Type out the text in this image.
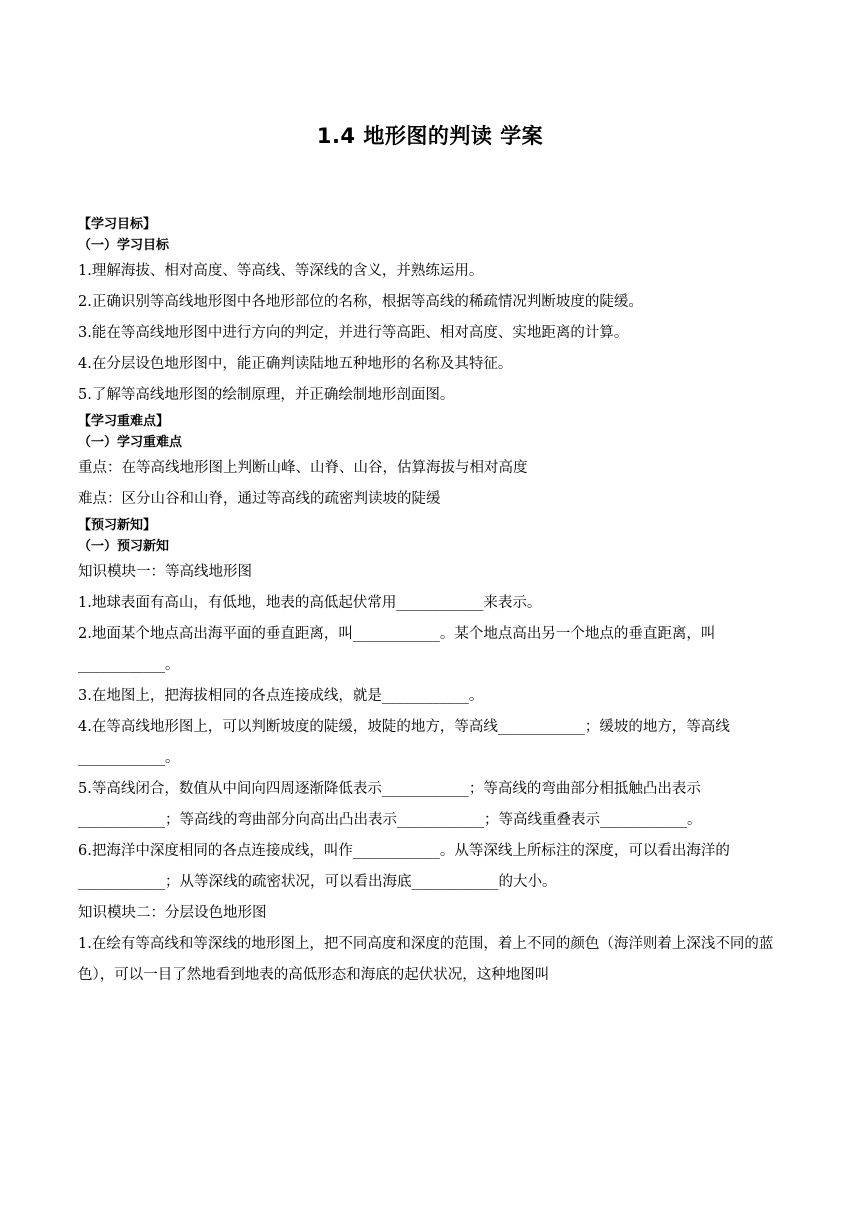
1.4 地形图的判读 学案

【学习目标】

（一）学习目标

1.理解海拔、相对高度、等高线、等深线的含义，并熟练运用。

2.正确识别等高线地形图中各地形部位的名称，根据等高线的稀疏情况判断坡度的陡缓。

3.能在等高线地形图中进行方向的判定，并进行等高距、相对高度、实地距离的计算。

4.在分层设色地形图中，能正确判读陆地五种地形的名称及其特征。

5.了解等高线地形图的绘制原理，并正确绘制地形剖面图。

【学习重难点】

（一）学习重难点

重点：在等高线地形图上判断山峰、山脊、山谷，估算海拔与相对高度

难点：区分山谷和山脊，通过等高线的疏密判读坡的陡缓

【预习新知】

（一）预习新知

知识模块一：等高线地形图

1.地球表面有高山，有低地，地表的高低起伏常用____________来表示。

2.地面某个地点高出海平面的垂直距离，叫____________。某个地点高出另一个地点的垂直距离，叫____________。

3.在地图上，把海拔相同的各点连接成线，就是____________。

4.在等高线地形图上，可以判断坡度的陡缓，坡陡的地方，等高线____________；缓坡的地方，等高线____________。

5.等高线闭合，数值从中间向四周逐渐降低表示____________；等高线的弯曲部分相抵触凸出表示____________；等高线的弯曲部分向高出凸出表示____________；等高线重叠表示____________。

6.把海洋中深度相同的各点连接成线，叫作____________。从等深线上所标注的深度，可以看出海洋的____________；从等深线的疏密状况，可以看出海底____________的大小。

知识模块二：分层设色地形图

1.在绘有等高线和等深线的地形图上，把不同高度和深度的范围，着上不同的颜色（海洋则着上深浅不同的蓝色），可以一目了然地看到地表的高低形态和海底的起伏状况，这种地图叫
